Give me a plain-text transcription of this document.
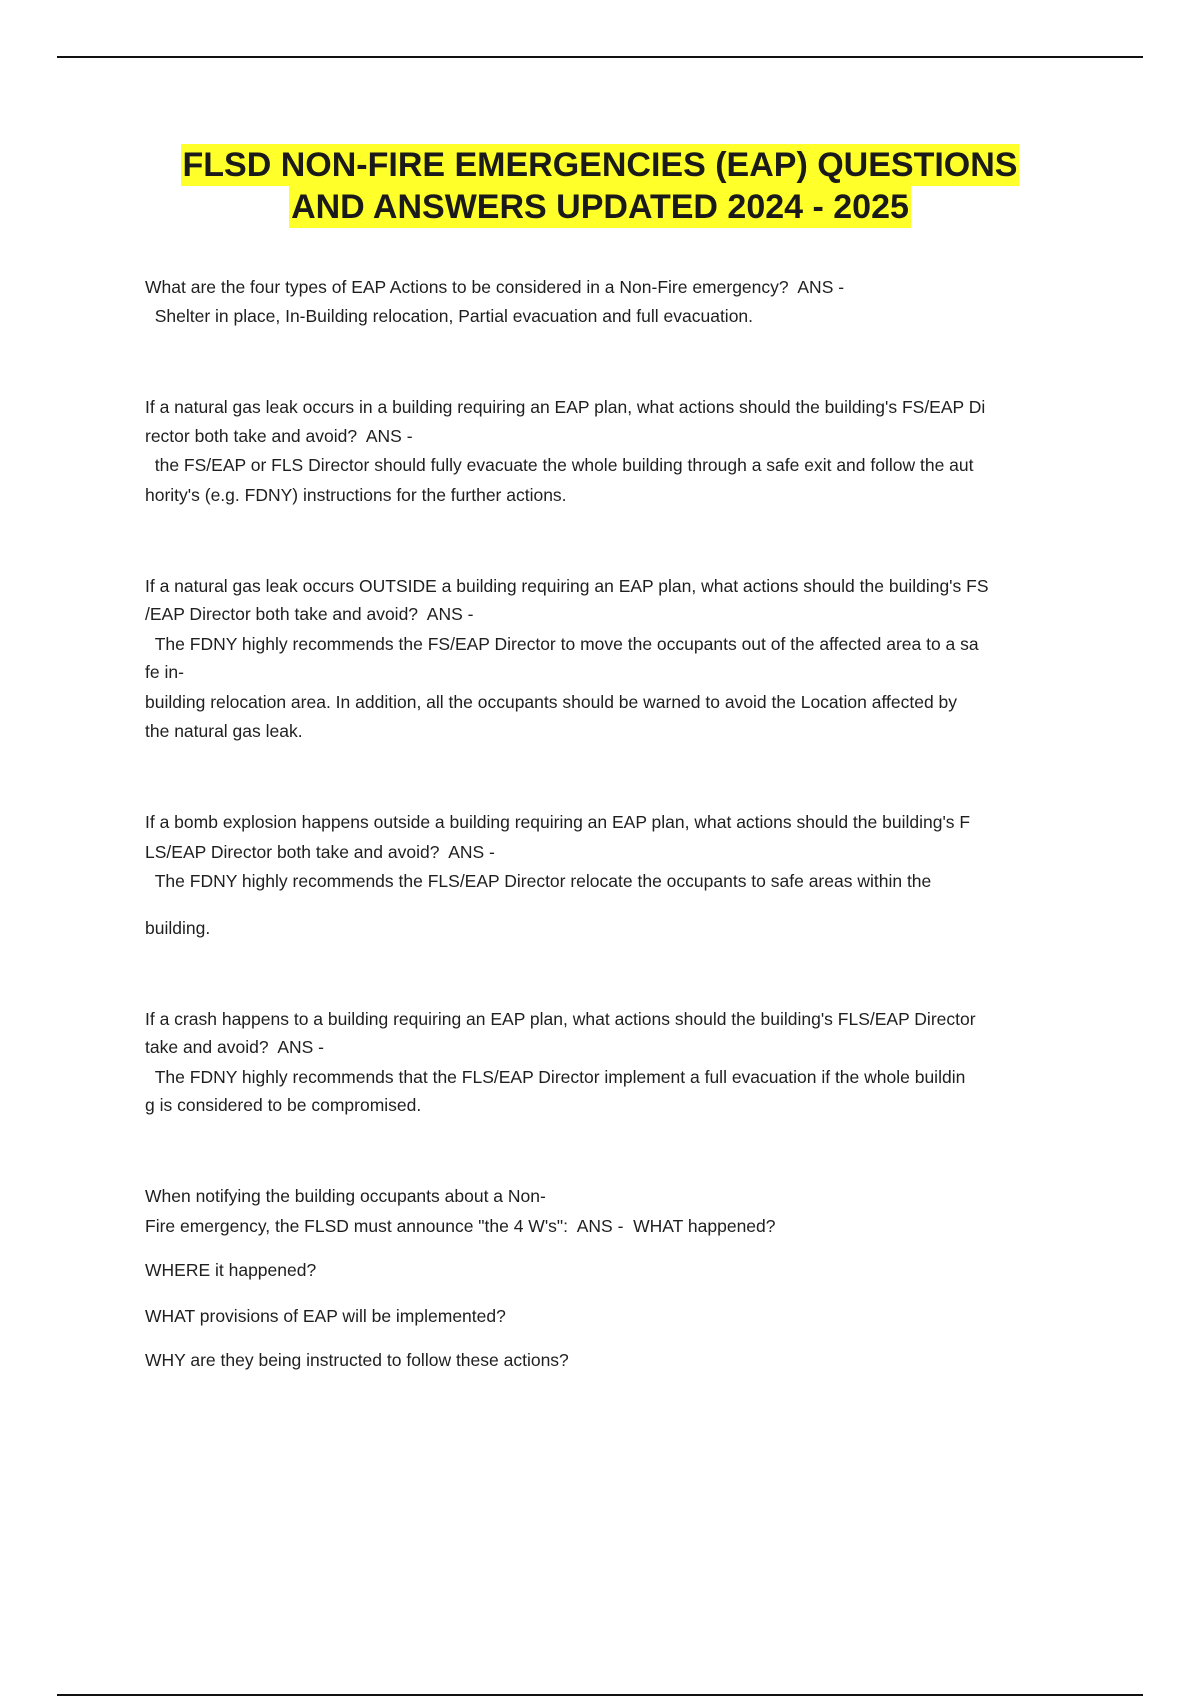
FLSD NON-FIRE EMERGENCIES (EAP) QUESTIONS
AND ANSWERS UPDATED 2024 - 2025
What are the four types of EAP Actions to be considered in a Non-Fire emergency?  ANS -
Shelter in place, In-Building relocation, Partial evacuation and full evacuation.
If a natural gas leak occurs in a building requiring an EAP plan, what actions should the building's FS/EAP Di
rector both take and avoid?  ANS -
the FS/EAP or FLS Director should fully evacuate the whole building through a safe exit and follow the aut
hority's (e.g. FDNY) instructions for the further actions.
If a natural gas leak occurs OUTSIDE a building requiring an EAP plan, what actions should the building's FS
/EAP Director both take and avoid?  ANS -
The FDNY highly recommends the FS/EAP Director to move the occupants out of the affected area to a sa
fe in-
building relocation area. In addition, all the occupants should be warned to avoid the Location affected by
the natural gas leak.
If a bomb explosion happens outside a building requiring an EAP plan, what actions should the building's F
LS/EAP Director both take and avoid?  ANS -
The FDNY highly recommends the FLS/EAP Director relocate the occupants to safe areas within the
building.
If a crash happens to a building requiring an EAP plan, what actions should the building's FLS/EAP Director
take and avoid?  ANS -
The FDNY highly recommends that the FLS/EAP Director implement a full evacuation if the whole buildin
g is considered to be compromised.
When notifying the building occupants about a Non-
Fire emergency, the FLSD must announce "the 4 W's":  ANS -  WHAT happened?
WHERE it happened?
WHAT provisions of EAP will be implemented?
WHY are they being instructed to follow these actions?
